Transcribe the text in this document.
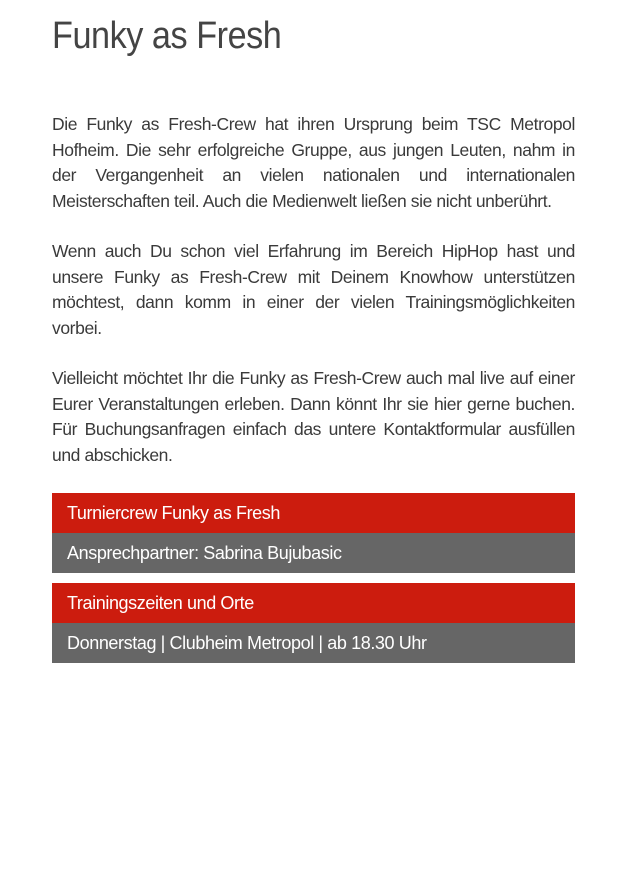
Funky as Fresh

Die Funky as Fresh-Crew hat ihren Ursprung beim TSC Metropol Hofheim. Die sehr erfolgreiche Gruppe, aus jungen Leuten, nahm in der Vergangenheit an vielen nationalen und internationalen Meisterschaften teil. Auch die Medienwelt ließen sie nicht unberührt.

Wenn auch Du schon viel Erfahrung im Bereich HipHop hast und unsere Funky as Fresh-Crew mit Deinem Knowhow unterstützen möchtest, dann komm in einer der vielen Trainingsmöglichkeiten vorbei.

Vielleicht möchtet Ihr die Funky as Fresh-Crew auch mal live auf einer Eurer Veranstaltungen erleben. Dann könnt Ihr sie hier gerne buchen. Für Buchungsanfragen einfach das untere Kontaktformular ausfüllen und abschicken.

Turniercrew Funky as Fresh
Ansprechpartner: Sabrina Bujubasic
Trainingszeiten und Orte
Donnerstag | Clubheim Metropol | ab 18.30 Uhr
